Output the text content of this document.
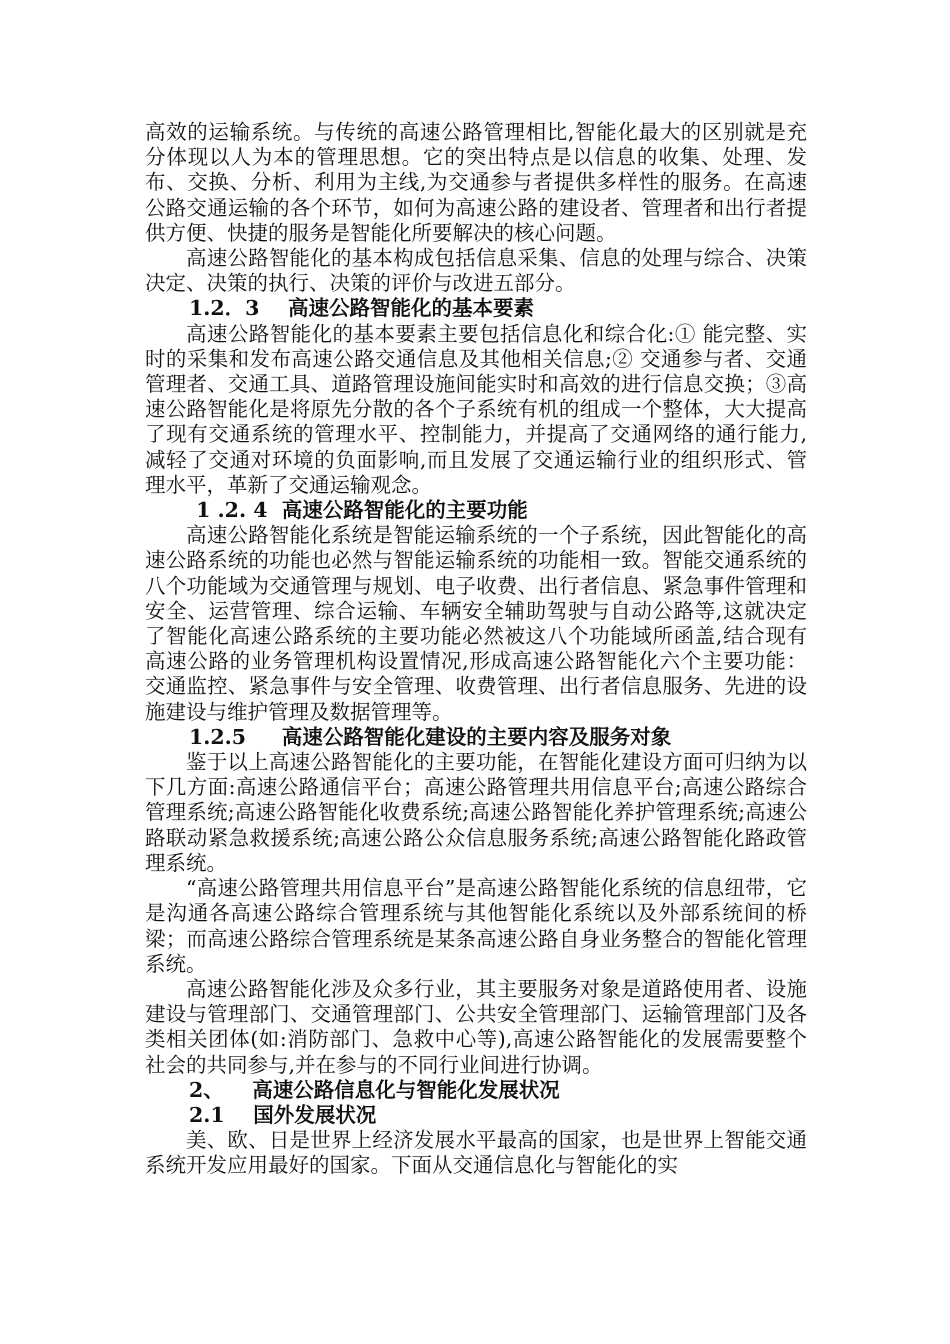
高效的运输系统。与传统的高速公路管理相比,智能化最大的区别就是充分体现以人为本的管理思想。它的突出特点是以信息的收集、处理、发布、交换、分析、利用为主线,为交通参与者提供多样性的服务。在高速公路交通运输的各个环节，如何为高速公路的建设者、管理者和出行者提供方便、快捷的服务是智能化所要解决的核心问题。

高速公路智能化的基本构成包括信息采集、信息的处理与综合、决策决定、决策的执行、决策的评价与改进五部分。

1.2．3    高速公路智能化的基本要素

高速公路智能化的基本要素主要包括信息化和综合化:① 能完整、实时的采集和发布高速公路交通信息及其他相关信息;② 交通参与者、交通管理者、交通工具、道路管理设施间能实时和高效的进行信息交换；③高速公路智能化是将原先分散的各个子系统有机的组成一个整体，大大提高了现有交通系统的管理水平、控制能力，并提高了交通网络的通行能力,减轻了交通对环境的负面影响,而且发展了交通运输行业的组织形式、管理水平，革新了交通运输观念。

1 .2. 4  高速公路智能化的主要功能

高速公路智能化系统是智能运输系统的一个子系统，因此智能化的高速公路系统的功能也必然与智能运输系统的功能相一致。智能交通系统的八个功能域为交通管理与规划、电子收费、出行者信息、紧急事件管理和安全、运营管理、综合运输、车辆安全辅助驾驶与自动公路等,这就决定了智能化高速公路系统的主要功能必然被这八个功能域所函盖,结合现有高速公路的业务管理机构设置情况,形成高速公路智能化六个主要功能：交通监控、紧急事件与安全管理、收费管理、出行者信息服务、先进的设施建设与维护管理及数据管理等。

1.2.5     高速公路智能化建设的主要内容及服务对象

鉴于以上高速公路智能化的主要功能，在智能化建设方面可归纳为以下几方面:高速公路通信平台；高速公路管理共用信息平台;高速公路综合管理系统;高速公路智能化收费系统;高速公路智能化养护管理系统;高速公路联动紧急救援系统;高速公路公众信息服务系统;高速公路智能化路政管理系统。

“高速公路管理共用信息平台”是高速公路智能化系统的信息纽带，它是沟通各高速公路综合管理系统与其他智能化系统以及外部系统间的桥梁；而高速公路综合管理系统是某条高速公路自身业务整合的智能化管理系统。

高速公路智能化涉及众多行业，其主要服务对象是道路使用者、设施建设与管理部门、交通管理部门、公共安全管理部门、运输管理部门及各类相关团体(如:消防部门、急救中心等),高速公路智能化的发展需要整个社会的共同参与,并在参与的不同行业间进行协调。

2、    高速公路信息化与智能化发展状况

2.1    国外发展状况

美、欧、日是世界上经济发展水平最高的国家，也是世界上智能交通系统开发应用最好的国家。下面从交通信息化与智能化的实
